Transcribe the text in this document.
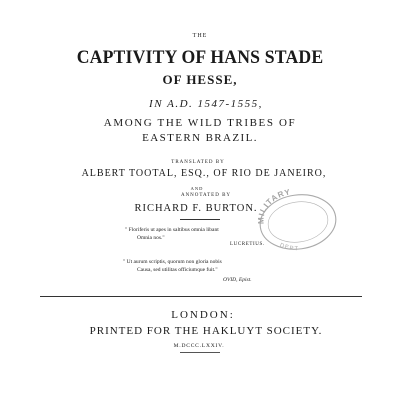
THE
CAPTIVITY OF HANS STADE
OF HESSE,
IN A.D. 1547-1555,
AMONG THE WILD TRIBES OF
EASTERN BRAZIL.
TRANSLATED BY
ALBERT TOOTAL, ESQ., OF RIO DE JANEIRO,
AND
ANNOTATED BY
RICHARD F. BURTON.
" Floriferis ut apes in saltibus omnia libant
Omnia nos."
LUCRETIUS.
" Ut aurum scriptis, quorum non gloria nobis
Causa, sed utilitas officiumque fuit."
OVID, Epist.
LONDON:
PRINTED FOR THE HAKLUYT SOCIETY.
M.DCCC.LXXIV.
MILITARY
DEPT
